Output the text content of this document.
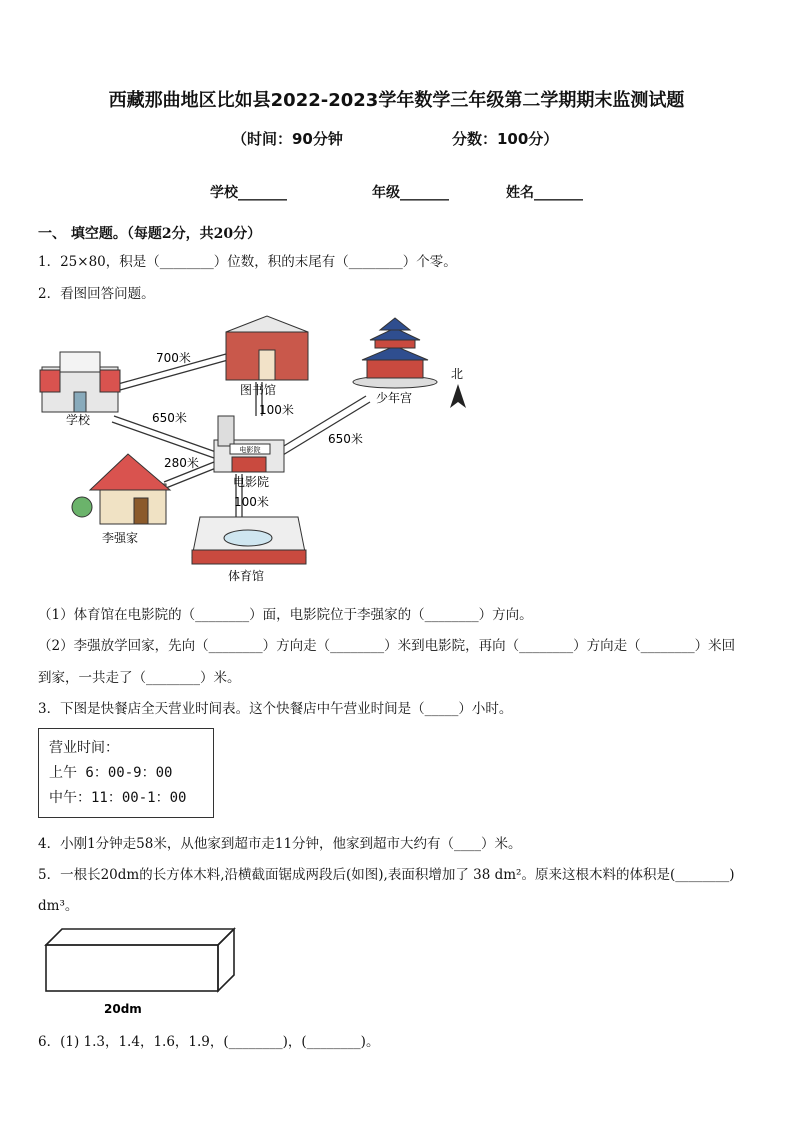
西藏那曲地区比如县2022-2023学年数学三年级第二学期期末监测试题
（时间：90分钟	分数：100分）
学校_______	年级_______	姓名_______
一、 填空题。（每题2分，共20分）
1．25×80，积是（________）位数，积的末尾有（________）个零。
2．看图回答问题。
电影院
北
图书馆
学校
少年宫
电影院
李强家
体育馆
700米
650米
100米
650米
280米
100米
（1）体育馆在电影院的（________）面，电影院位于李强家的（________）方向。
（2）李强放学回家，先向（________）方向走（________）米到电影院，再向（________）方向走（________）米回
到家，一共走了（________）米。
3．下图是快餐店全天营业时间表。这个快餐店中午营业时间是（_____）小时。
营业时间：
上午 6：00-9：00
中午：11：00-1：00
4．小刚1分钟走58米，从他家到超市走11分钟，他家到超市大约有（____）米。
5．一根长20dm的长方体木料,沿横截面锯成两段后(如图),表面积增加了 38 dm²。原来这根木料的体积是(________)
dm³。
20dm
6．(1) 1.3，1.4，1.6，1.9，(________)，(________)。
